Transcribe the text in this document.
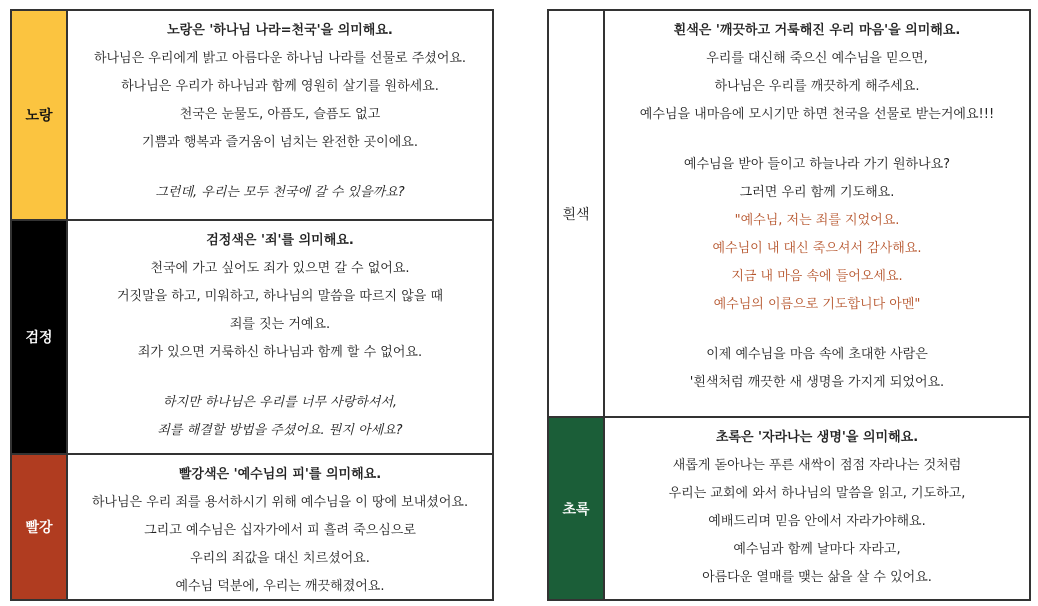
노랑
노랑은 '하나님 나라=천국'을 의미해요.
하나님은 우리에게 밝고 아름다운 하나님 나라를 선물로 주셨어요.
하나님은 우리가 하나님과 함께 영원히 살기를 원하세요.
천국은 눈물도, 아픔도, 슬픔도 없고
기쁨과 행복과 즐거움이 넘치는 완전한 곳이에요.
그런데, 우리는 모두 천국에 갈 수 있을까요?
검정
검정색은 '죄'를 의미해요.
천국에 가고 싶어도 죄가 있으면 갈 수 없어요.
거짓말을 하고, 미워하고, 하나님의 말씀을 따르지 않을 때
죄를 짓는 거예요.
죄가 있으면 거룩하신 하나님과 함께 할 수 없어요.
하지만 하나님은 우리를 너무 사랑하셔서,
죄를 해결할 방법을 주셨어요. 뭔지 아세요?
빨강
빨강색은 '예수님의 피'를 의미해요.
하나님은 우리 죄를 용서하시기 위해 예수님을 이 땅에 보내셨어요.
그리고 예수님은 십자가에서 피 흘려 죽으심으로
우리의 죄값을 대신 치르셨어요.
예수님 덕분에, 우리는 깨끗해졌어요.
흰색
흰색은 '깨끗하고 거룩해진 우리 마음'을 의미해요.
우리를 대신해 죽으신 예수님을 믿으면,
하나님은 우리를 깨끗하게 해주세요.
예수님을 내마음에 모시기만 하면 천국을 선물로 받는거에요!!!
예수님을 받아 들이고 하늘나라 가기 원하나요?
그러면 우리 함께 기도해요.
"예수님, 저는 죄를 지었어요.
예수님이 내 대신 죽으셔서 감사해요.
지금 내 마음 속에 들어오세요.
예수님의 이름으로 기도합니다 아멘"
이제 예수님을 마음 속에 초대한 사람은
'흰색처럼 깨끗한 새 생명을 가지게 되었어요.
초록
초록은 '자라나는 생명'을 의미해요.
새롭게 돋아나는 푸른 새싹이 점점 자라나는 것처럼
우리는 교회에 와서 하나님의 말씀을 읽고, 기도하고,
예배드리며 믿음 안에서 자라가야해요.
예수님과 함께 날마다 자라고,
아름다운 열매를 맺는 삶을 살 수 있어요.
